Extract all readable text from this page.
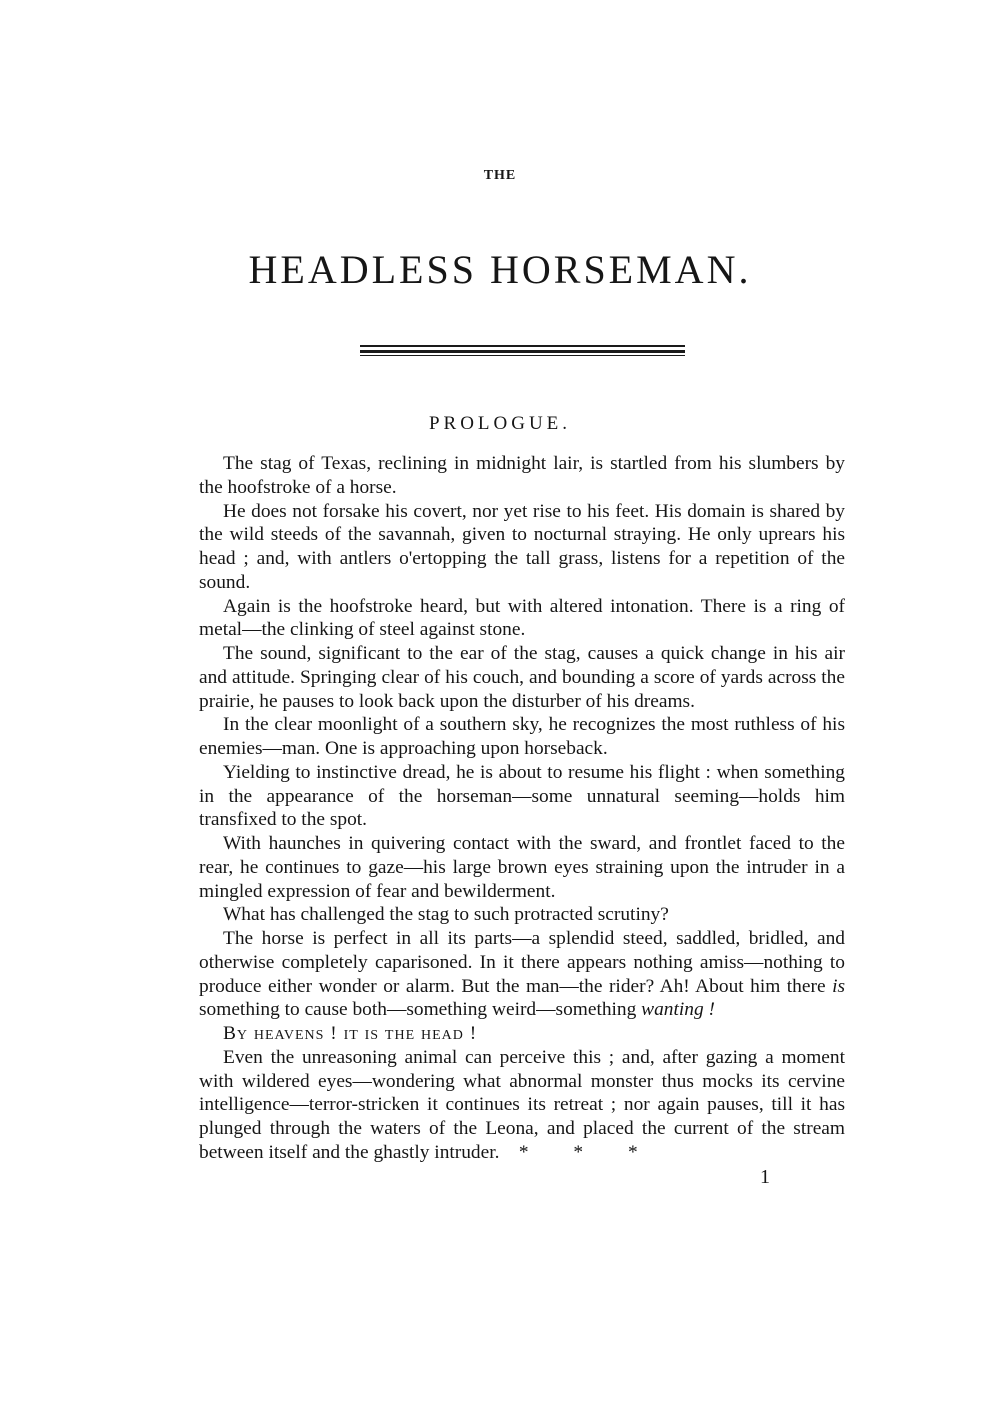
THE
HEADLESS HORSEMAN.
PROLOGUE.

The stag of Texas, reclining in midnight lair, is startled from his slumbers by the hoofstroke of a horse.

He does not forsake his covert, nor yet rise to his feet. His domain is shared by the wild steeds of the savannah, given to nocturnal straying. He only uprears his head ; and, with antlers o'ertopping the tall grass, listens for a repetition of the sound.

Again is the hoofstroke heard, but with altered intonation. There is a ring of metal—the clinking of steel against stone.

The sound, significant to the ear of the stag, causes a quick change in his air and attitude. Springing clear of his couch, and bounding a score of yards across the prairie, he pauses to look back upon the disturber of his dreams.

In the clear moonlight of a southern sky, he recognizes the most ruthless of his enemies—man. One is approaching upon horseback.

Yielding to instinctive dread, he is about to resume his flight : when something in the appearance of the horseman—some unnatural seeming—holds him transfixed to the spot.

With haunches in quivering contact with the sward, and frontlet faced to the rear, he continues to gaze—his large brown eyes straining upon the intruder in a mingled expression of fear and bewilderment.

What has challenged the stag to such protracted scrutiny?

The horse is perfect in all its parts—a splendid steed, saddled, bridled, and otherwise completely caparisoned. In it there appears nothing amiss—nothing to produce either wonder or alarm. But the man—the rider? Ah! About him there is something to cause both—something weird—something wanting !

By heavens ! it is the head !

Even the unreasoning animal can perceive this ; and, after gazing a moment with wildered eyes—wondering what abnormal monster thus mocks its cervine intelligence—terror-stricken it continues its retreat ; nor again pauses, till it has plunged through the waters of the Leona, and placed the current of the stream between itself and the ghastly intruder. * * *

1
